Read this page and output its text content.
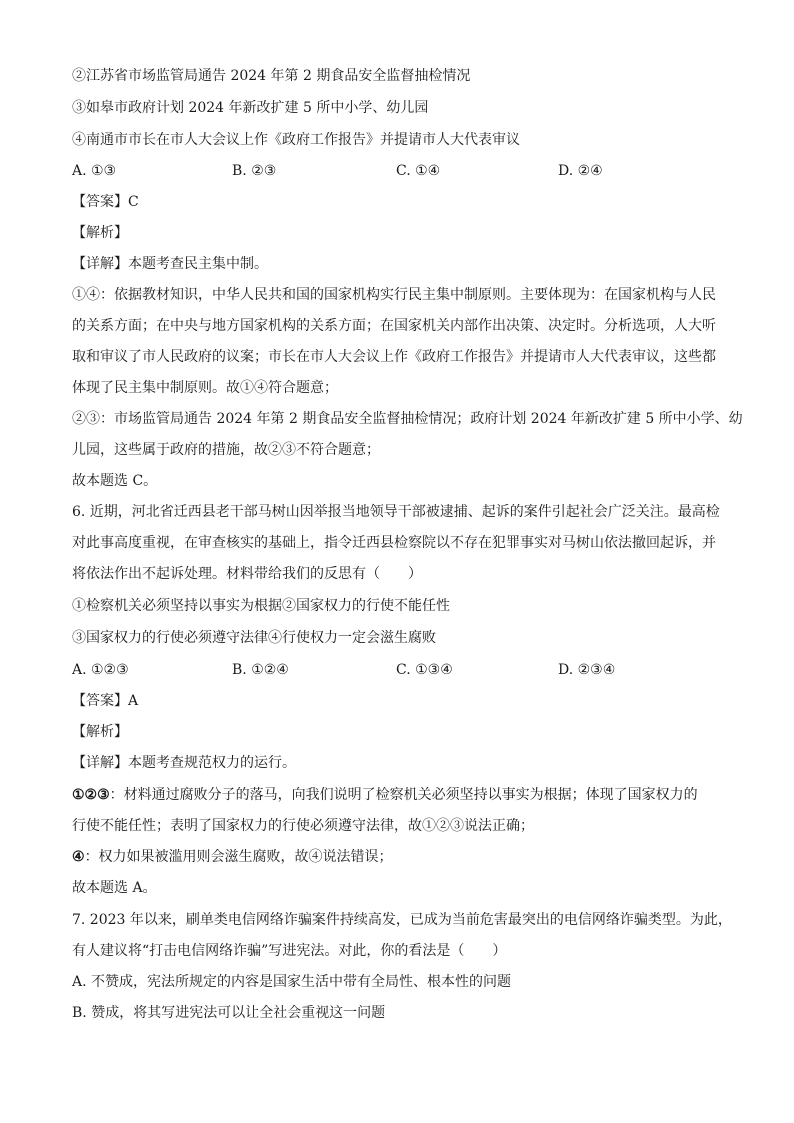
②江苏省市场监管局通告 2024 年第 2 期食品安全监督抽检情况
③如皋市政府计划 2024 年新改扩建 5 所中小学、幼儿园
④南通市市长在市人大会议上作《政府工作报告》并提请市人大代表审议
A. ①③	B. ②③	C. ①④	D. ②④
【答案】C
【解析】
【详解】本题考查民主集中制。
①④：依据教材知识，中华人民共和国的国家机构实行民主集中制原则。主要体现为：在国家机构与人民
的关系方面；在中央与地方国家机构的关系方面；在国家机关内部作出决策、决定时。分析选项，人大听
取和审议了市人民政府的议案；市长在市人大会议上作《政府工作报告》并提请市人大代表审议，这些都
体现了民主集中制原则。故①④符合题意；
②③：市场监管局通告 2024 年第 2 期食品安全监督抽检情况；政府计划 2024 年新改扩建 5 所中小学、幼
儿园，这些属于政府的措施，故②③不符合题意；
故本题选 C。
6. 近期，河北省迁西县老干部马树山因举报当地领导干部被逮捕、起诉的案件引起社会广泛关注。最高检
对此事高度重视，在审查核实的基础上，指令迁西县检察院以不存在犯罪事实对马树山依法撤回起诉，并
将依法作出不起诉处理。材料带给我们的反思有（　　）
①检察机关必须坚持以事实为根据②国家权力的行使不能任性
③国家权力的行使必须遵守法律④行使权力一定会滋生腐败
A. ①②③	B. ①②④	C. ①③④	D. ②③④
【答案】A
【解析】
【详解】本题考查规范权力的运行。
①②③：材料通过腐败分子的落马，向我们说明了检察机关必须坚持以事实为根据；体现了国家权力的
行使不能任性；表明了国家权力的行使必须遵守法律，故①②③说法正确；
④：权力如果被滥用则会滋生腐败，故④说法错误；
故本题选 A。
7. 2023 年以来，刷单类电信网络诈骗案件持续高发，已成为当前危害最突出的电信网络诈骗类型。为此，
有人建议将“打击电信网络诈骗”写进宪法。对此，你的看法是（　　）
A. 不赞成，宪法所规定的内容是国家生活中带有全局性、根本性的问题
B. 赞成，将其写进宪法可以让全社会重视这一问题
